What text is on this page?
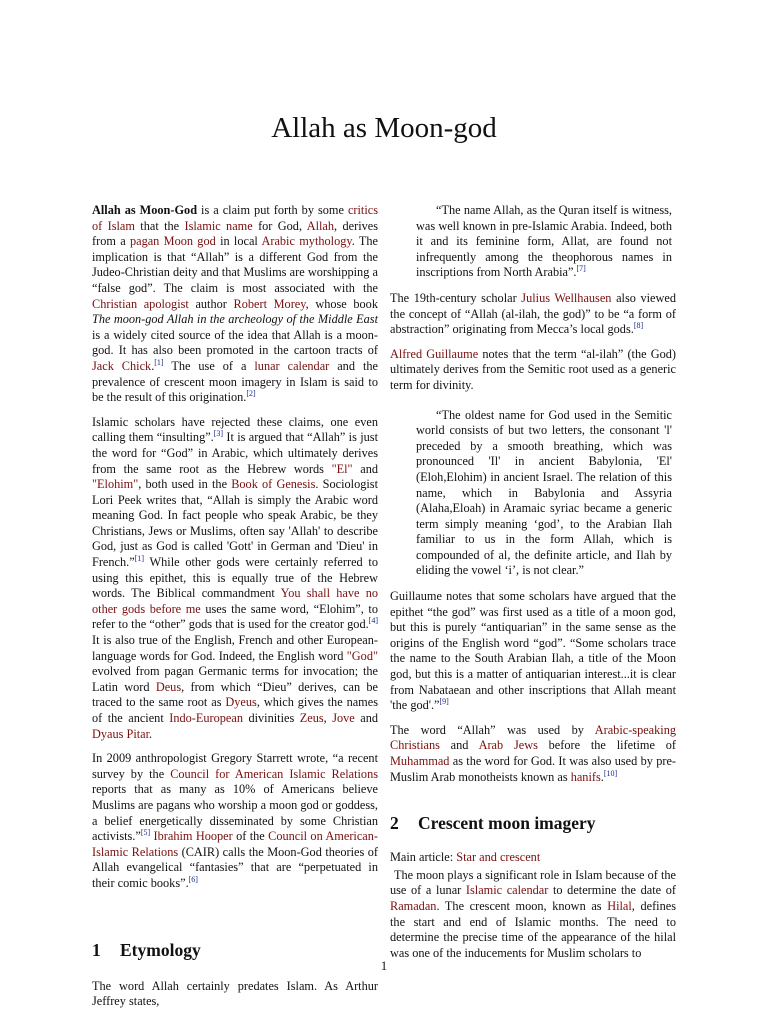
Allah as Moon-god

Allah as Moon-God is a claim put forth by some critics of Islam that the Islamic name for God, Allah, derives from a pagan Moon god in local Arabic mythology. The implication is that “Allah” is a different God from the Judeo-Christian deity and that Muslims are worshipping a “false god”. The claim is most associated with the Christian apologist author Robert Morey, whose book The moon-god Allah in the archeology of the Middle East is a widely cited source of the idea that Allah is a moon-god. It has also been promoted in the cartoon tracts of Jack Chick.[1] The use of a lunar calendar and the prevalence of crescent moon imagery in Islam is said to be the result of this origination.[2]

Islamic scholars have rejected these claims, one even calling them “insulting”.[3] It is argued that “Allah” is just the word for “God” in Arabic, which ultimately derives from the same root as the Hebrew words "El" and "Elohim", both used in the Book of Genesis. Sociologist Lori Peek writes that, “Allah is simply the Arabic word meaning God. In fact people who speak Arabic, be they Christians, Jews or Muslims, often say 'Allah' to describe God, just as God is called 'Gott' in German and 'Dieu' in French.”[1] While other gods were certainly referred to using this epithet, this is equally true of the Hebrew words. The Biblical commandment You shall have no other gods before me uses the same word, “Elohim”, to refer to the “other” gods that is used for the creator god.[4] It is also true of the English, French and other European-language words for God. Indeed, the English word "God" evolved from pagan Germanic terms for invocation; the Latin word Deus, from which “Dieu” derives, can be traced to the same root as Dyeus, which gives the names of the ancient Indo-European divinities Zeus, Jove and Dyaus Pitar.

In 2009 anthropologist Gregory Starrett wrote, “a recent survey by the Council for American Islamic Relations reports that as many as 10% of Americans believe Muslims are pagans who worship a moon god or goddess, a belief energetically disseminated by some Christian activists.”[5] Ibrahim Hooper of the Council on American-Islamic Relations (CAIR) calls the Moon-God theories of Allah evangelical “fantasies” that are “perpetuated in their comic books”.[6]

1 Etymology

The word Allah certainly predates Islam. As Arthur Jeffrey states,

“The name Allah, as the Quran itself is witness, was well known in pre-Islamic Arabia. Indeed, both it and its feminine form, Allat, are found not infrequently among the theophorous names in inscriptions from North Arabia”.[7]

The 19th-century scholar Julius Wellhausen also viewed the concept of “Allah (al-ilah, the god)” to be “a form of abstraction” originating from Mecca’s local gods.[8]

Alfred Guillaume notes that the term “al-ilah” (the God) ultimately derives from the Semitic root used as a generic term for divinity.

“The oldest name for God used in the Semitic world consists of but two letters, the consonant 'l' preceded by a smooth breathing, which was pronounced 'Il' in ancient Babylonia, 'El' (Eloh,Elohim) in ancient Israel. The relation of this name, which in Babylonia and Assyria (Alaha,Eloah) in Aramaic syriac became a generic term simply meaning ‘god’, to the Arabian Ilah familiar to us in the form Allah, which is compounded of al, the definite article, and Ilah by eliding the vowel ‘i’, is not clear.”

Guillaume notes that some scholars have argued that the epithet “the god” was first used as a title of a moon god, but this is purely “antiquarian” in the same sense as the origins of the English word “god”. “Some scholars trace the name to the South Arabian Ilah, a title of the Moon god, but this is a matter of antiquarian interest...it is clear from Nabataean and other inscriptions that Allah meant 'the god'.”[9]

The word “Allah” was used by Arabic-speaking Christians and Arab Jews before the lifetime of Muhammad as the word for God. It was also used by pre-Muslim Arab monotheists known as hanifs.[10]

2 Crescent moon imagery
Main article: Star and crescent

The moon plays a significant role in Islam because of the use of a lunar Islamic calendar to determine the date of Ramadan. The crescent moon, known as Hilal, defines the start and end of Islamic months. The need to determine the precise time of the appearance of the hilal was one of the inducements for Muslim scholars to

1
